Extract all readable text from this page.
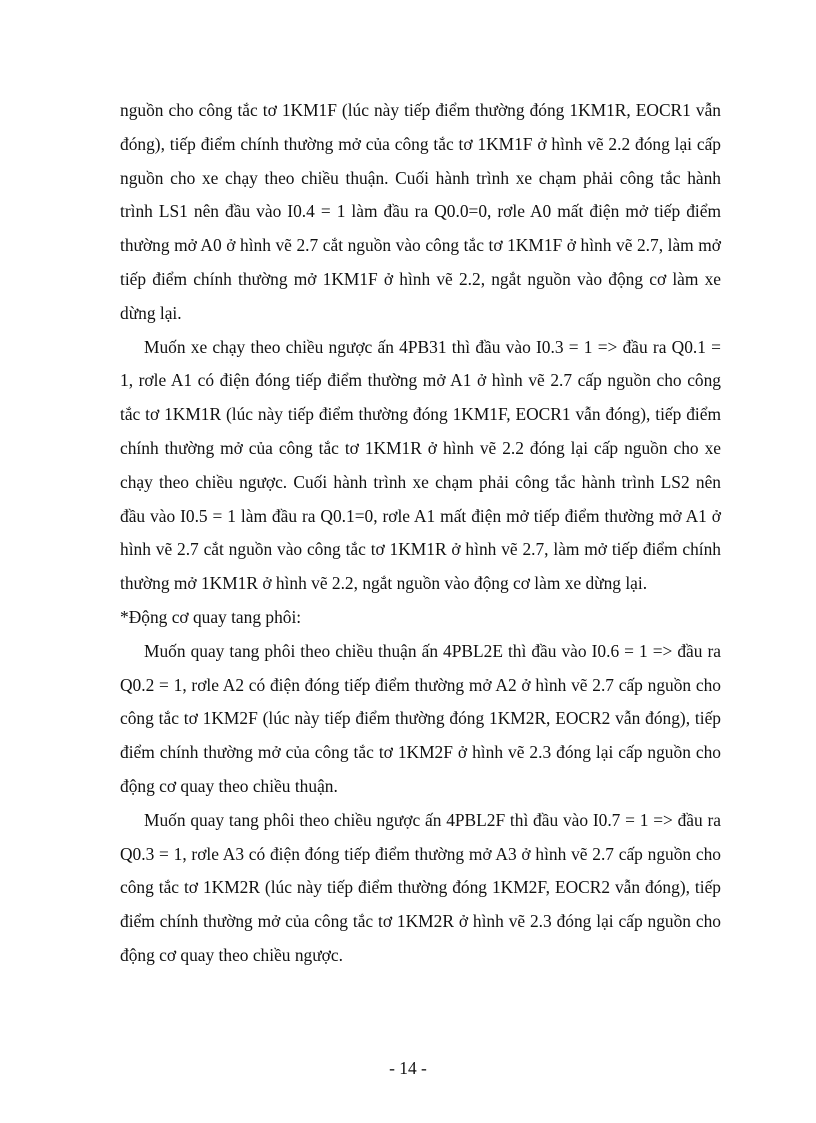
nguồn cho công tắc tơ 1KM1F (lúc này tiếp điểm thường đóng 1KM1R, EOCR1 vẫn đóng), tiếp điểm chính thường mở của công tắc tơ 1KM1F ở hình vẽ 2.2 đóng lại cấp nguồn cho xe chạy theo chiều thuận. Cuối hành trình xe chạm phải công tắc hành trình LS1 nên đầu vào I0.4 = 1 làm đầu ra Q0.0=0, rơle A0 mất điện mở tiếp điểm thường mở A0 ở hình vẽ 2.7 cắt nguồn vào công tắc tơ 1KM1F ở hình vẽ 2.7, làm mở tiếp điểm chính thường mở 1KM1F ở hình vẽ 2.2, ngắt nguồn vào động cơ làm xe dừng lại.

Muốn xe chạy theo chiều ngược ấn 4PB31 thì đầu vào I0.3 = 1 => đầu ra Q0.1 = 1, rơle A1 có điện đóng tiếp điểm thường mở A1 ở hình vẽ 2.7 cấp nguồn cho công tắc tơ 1KM1R (lúc này tiếp điểm thường đóng 1KM1F, EOCR1 vẫn đóng), tiếp điểm chính thường mở của công tắc tơ 1KM1R ở hình vẽ 2.2 đóng lại cấp nguồn cho xe chạy theo chiều ngược. Cuối hành trình xe chạm phải công tắc hành trình LS2 nên đầu vào I0.5 = 1 làm đầu ra Q0.1=0, rơle A1 mất điện mở tiếp điểm thường mở A1 ở hình vẽ 2.7 cắt nguồn vào công tắc tơ 1KM1R ở hình vẽ 2.7, làm mở tiếp điểm chính thường mở 1KM1R ở hình vẽ 2.2, ngắt nguồn vào động cơ làm xe dừng lại.

*Động cơ quay tang phôi:

Muốn quay tang phôi theo chiều thuận ấn 4PBL2E thì đầu vào I0.6 = 1 => đầu ra Q0.2 = 1, rơle A2 có điện đóng tiếp điểm thường mở A2 ở hình vẽ 2.7 cấp nguồn cho công tắc tơ 1KM2F (lúc này tiếp điểm thường đóng 1KM2R, EOCR2 vẫn đóng), tiếp điểm chính thường mở của công tắc tơ 1KM2F ở hình vẽ 2.3 đóng lại cấp nguồn cho động cơ quay theo chiều thuận.

Muốn quay tang phôi theo chiều ngược ấn 4PBL2F thì đầu vào I0.7 = 1 => đầu ra Q0.3 = 1, rơle A3 có điện đóng tiếp điểm thường mở A3 ở hình vẽ 2.7 cấp nguồn cho công tắc tơ 1KM2R (lúc này tiếp điểm thường đóng 1KM2F, EOCR2 vẫn đóng), tiếp điểm chính thường mở của công tắc tơ 1KM2R ở hình vẽ 2.3 đóng lại cấp nguồn cho động cơ quay theo chiều ngược.

- 14 -
